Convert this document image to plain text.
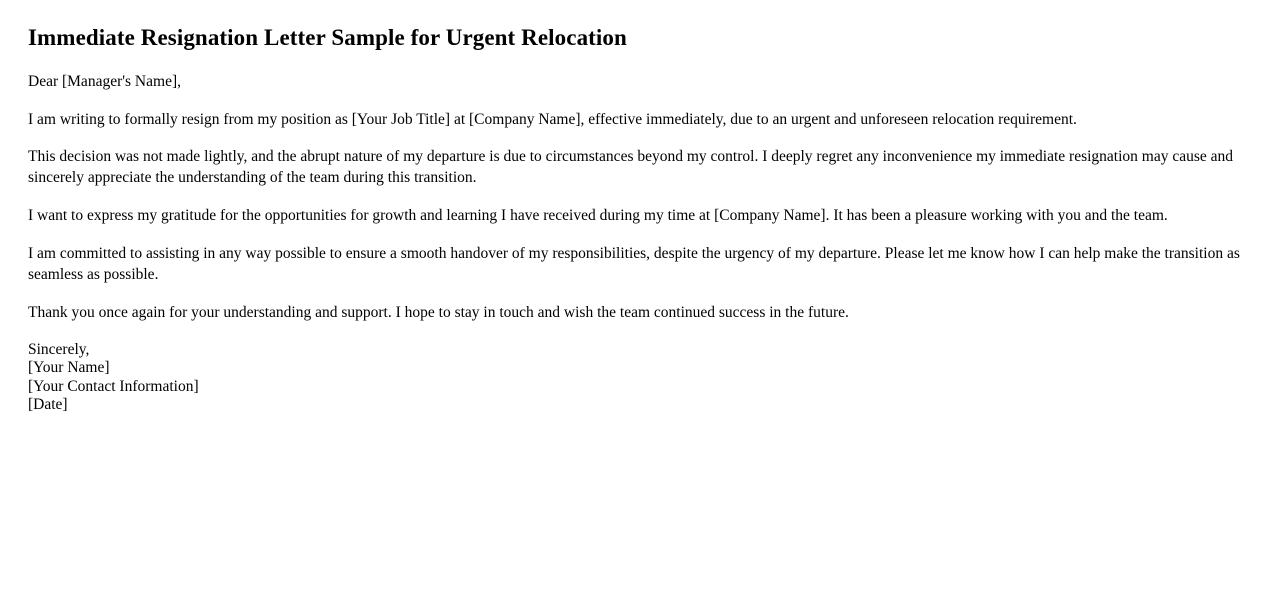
Immediate Resignation Letter Sample for Urgent Relocation

Dear [Manager's Name],

I am writing to formally resign from my position as [Your Job Title] at [Company Name], effective immediately, due to an urgent and unforeseen relocation requirement.

This decision was not made lightly, and the abrupt nature of my departure is due to circumstances beyond my control. I deeply regret any inconvenience my immediate resignation may cause and sincerely appreciate the understanding of the team during this transition.

I want to express my gratitude for the opportunities for growth and learning I have received during my time at [Company Name]. It has been a pleasure working with you and the team.

I am committed to assisting in any way possible to ensure a smooth handover of my responsibilities, despite the urgency of my departure. Please let me know how I can help make the transition as seamless as possible.

Thank you once again for your understanding and support. I hope to stay in touch and wish the team continued success in the future.

Sincerely,
[Your Name]
[Your Contact Information]
[Date]
